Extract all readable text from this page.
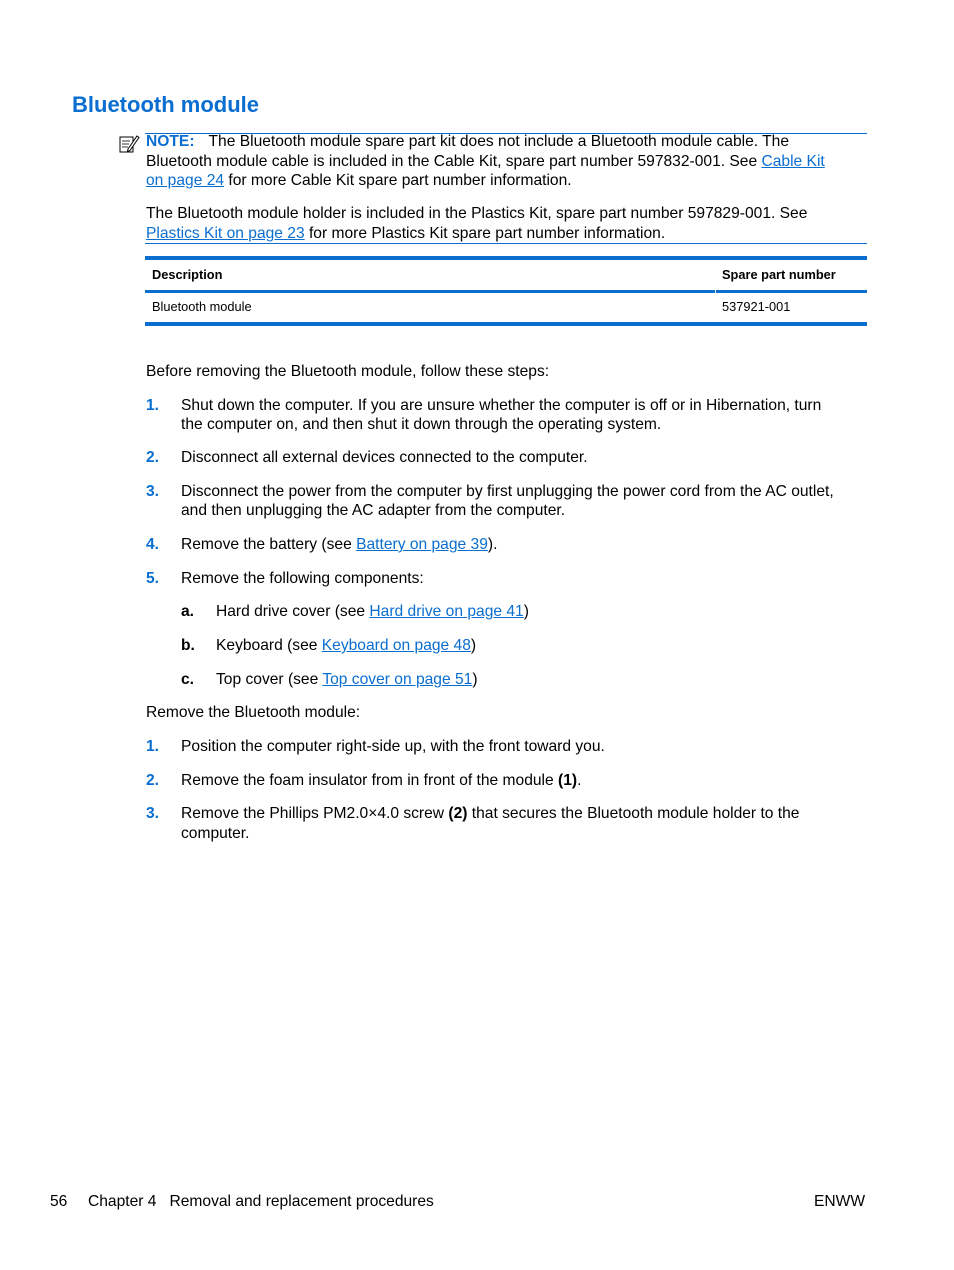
Bluetooth module
NOTE: The Bluetooth module spare part kit does not include a Bluetooth module cable. The
Bluetooth module cable is included in the Cable Kit, spare part number 597832-001. See Cable Kit
on page 24 for more Cable Kit spare part number information.
The Bluetooth module holder is included in the Plastics Kit, spare part number 597829-001. See
Plastics Kit on page 23 for more Plastics Kit spare part number information.
Description	Spare part number
Bluetooth module	537921-001
Before removing the Bluetooth module, follow these steps:
1. Shut down the computer. If you are unsure whether the computer is off or in Hibernation, turn
the computer on, and then shut it down through the operating system.
2. Disconnect all external devices connected to the computer.
3. Disconnect the power from the computer by first unplugging the power cord from the AC outlet,
and then unplugging the AC adapter from the computer.
4. Remove the battery (see Battery on page 39).
5. Remove the following components:
a. Hard drive cover (see Hard drive on page 41)
b. Keyboard (see Keyboard on page 48)
c. Top cover (see Top cover on page 51)
Remove the Bluetooth module:
1. Position the computer right-side up, with the front toward you.
2. Remove the foam insulator from in front of the module (1).
3. Remove the Phillips PM2.0×4.0 screw (2) that secures the Bluetooth module holder to the
computer.
56 Chapter 4   Removal and replacement procedures	ENWW
